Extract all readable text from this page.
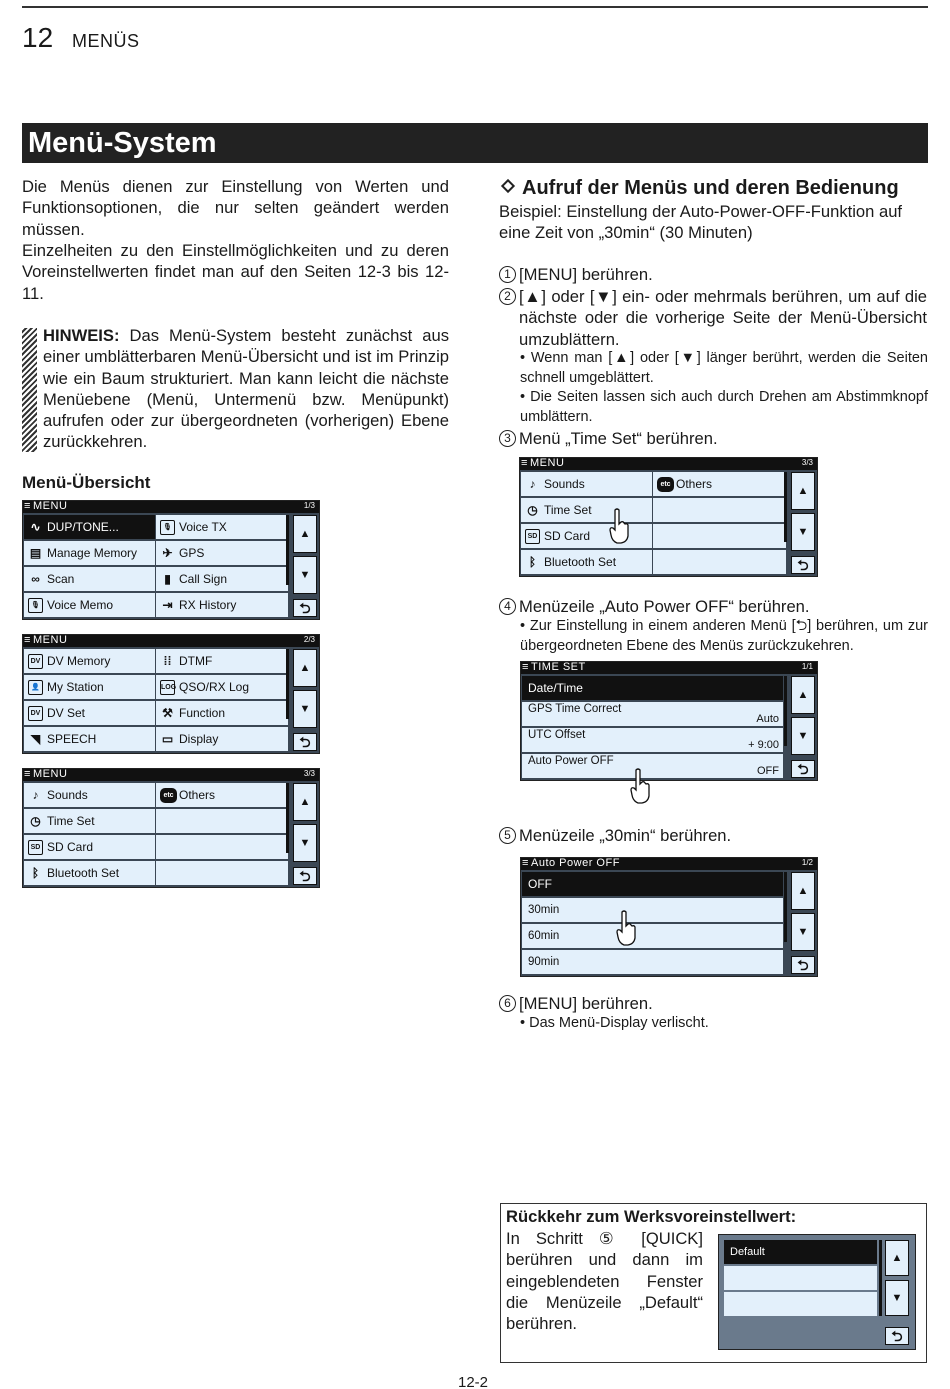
12 MENÜS
Menü-System
Die Menüs dienen zur Einstellung von Werten und Funktionsoptionen, die nur selten geändert werden müssen.
Einzelheiten zu den Einstellmöglichkeiten und zu deren Voreinstellwerten findet man auf den Seiten 12-3 bis 12-11.
HINWEIS: Das Menü-System besteht zunächst aus einer umblätterbaren Menü-Übersicht und ist im Prinzip wie ein Baum strukturiert. Man kann leicht die nächste Menüebene (Menü, Untermenü bzw. Menüpunkt) aufrufen oder zur übergeordneten (vorherigen) Ebene zurückkehren.
Menü-Übersicht
≡ MENU	1/3
∿ DUP/TONE...	🎙 Voice TX
▤ Manage Memory	✈ GPS
∞ Scan	▮ Call Sign
🎙 Voice Memo	⇥ RX History
▲
▼
⮌
≡ MENU	2/3
DV DV Memory	⁞⁞ DTMF
👤 My Station	LOG QSO/RX Log
DV DV Set	⚒ Function
◥ SPEECH	▭ Display
▲
▼
⮌
≡ MENU	3/3
♪ Sounds	etc Others
◷ Time Set
SD SD Card
ᛒ Bluetooth Set
▲
▼
⮌
Aufruf der Menüs und deren Bedienung
Beispiel: Einstellung der Auto-Power-OFF-Funktion auf eine Zeit von „30min“ (30 Minuten)
1 [MENU] berühren.
2 [▲] oder [▼] ein- oder mehrmals berühren, um auf die nächste oder die vorherige Seite der Menü-Übersicht umzublättern.
• Wenn man [▲] oder [▼] länger berührt, werden die Seiten schnell umgeblättert.
• Die Seiten lassen sich auch durch Drehen am Abstimmknopf umblättern.
3 Menü „Time Set“ berühren.
≡ MENU	3/3
♪ Sounds	etc Others
◷ Time Set
SD SD Card
ᛒ Bluetooth Set
▲
▼
⮌
≡ TIME SET	1/1
Date/Time
GPS Time Correct
Auto
UTC Offset
+ 9:00
Auto Power OFF
OFF
▲
▼
⮌
≡ Auto Power OFF	1/2
OFF
30min
60min
90min
▲
▼
⮌
4 Menüzeile „Auto Power OFF“ berühren.
• Zur Einstellung in einem anderen Menü [⮌] berühren, um zur übergeordneten Ebene des Menüs zurückzukehren.
5 Menüzeile „30min“ berühren.
6 [MENU] berühren.
• Das Menü-Display verlischt.
Rückkehr zum Werksvoreinstellwert:
In Schritt ⑤ [QUICK] berühren und dann im eingeblendeten Fenster die Menüzeile „Default“ berühren.
12-2
Default	▲
▼
⮌
